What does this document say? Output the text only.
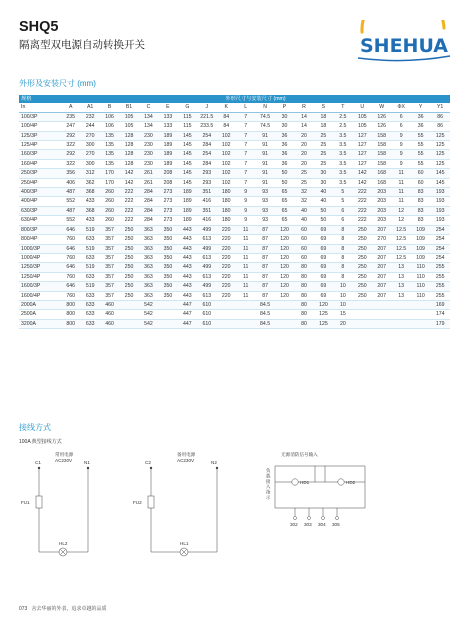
SHQ5
隔离型双电源自动转换开关	SHEHUA
外形及安装尺寸 (mm)
规格	外形尺寸与安装尺寸 (mm)																			
In	A	A1	B	B1	C	E	G	J	K	L	N	P	R	S	T	U	W	ΦX	Y	Y1
100/3P	235	232	106	105	134	133	115	221.5	84	7	74.5	30	14	18	2.5	105	126	6	36	86
100/4P	247	244	106	105	134	133	115	233.5	84	7	74.5	30	14	18	2.5	105	126	6	36	86
125/3P	292	270	135	128	230	189	145	254	102	7	91	36	20	25	3.5	127	158	9	55	125
125/4P	322	300	135	128	230	189	145	284	102	7	91	36	20	25	3.5	127	158	9	55	125
160/3P	292	270	135	128	230	189	145	254	102	7	91	36	20	25	3.5	127	158	9	55	125
160/4P	322	300	135	128	230	189	145	284	102	7	91	36	20	25	3.5	127	158	9	55	125
250/3P	356	312	170	142	261	208	145	293	102	7	91	50	25	30	3.5	142	168	11	60	145
250/4P	406	362	170	142	261	208	145	293	102	7	91	50	25	30	3.5	142	168	11	60	145
400/3P	487	368	260	222	284	273	189	351	180	9	93	65	32	40	5	222	203	11	83	193
400/4P	552	433	260	222	284	273	189	416	180	9	93	65	32	40	5	222	203	11	83	193
630/3P	487	368	260	222	284	273	189	351	180	9	93	65	40	50	6	222	203	12	83	193
630/4P	552	433	260	222	284	273	189	416	180	9	93	65	40	50	6	222	203	12	83	193
800/3P	646	519	357	250	363	350	443	499	220	11	87	120	60	69	8	250	207	12.5	109	254
800/4P	760	633	357	250	363	350	443	613	220	11	87	120	60	69	8	250	270	12.5	109	254
1000/3P	646	519	357	250	363	350	443	499	220	11	87	120	60	69	8	250	207	12.5	109	254
1000/4P	760	633	357	250	363	350	443	613	220	11	87	120	60	69	8	250	207	12.5	109	254
1250/3P	646	519	357	250	363	350	443	499	220	11	87	120	80	69	8	250	207	13	110	255
1250/4P	760	633	357	250	363	350	443	613	220	11	87	120	80	69	8	250	207	13	110	255
1600/3P	646	519	357	250	363	350	443	499	220	11	87	120	80	69	10	250	207	13	110	255
1600/4P	760	633	357	250	363	350	443	613	220	11	87	120	80	69	10	250	207	13	110	255
2000A	800	633	460		542		447	610			84.5		80	120	10					169
2500A	800	633	460		542		447	610			84.5		80	125	15					174
3200A	800	633	460		542		447	610			84.5		80	125	20					179
接线方式
100A 典型接线方式
C1	N1	C2	N2
常用电源
AC230V
备用电源
AC230V
FU1	FU2
HL2	HL1
无源消防信号输入
负载接入指示
HD1	HD2
302 303 304 305
073 舍去华丽的外表，追求卓越的品质
